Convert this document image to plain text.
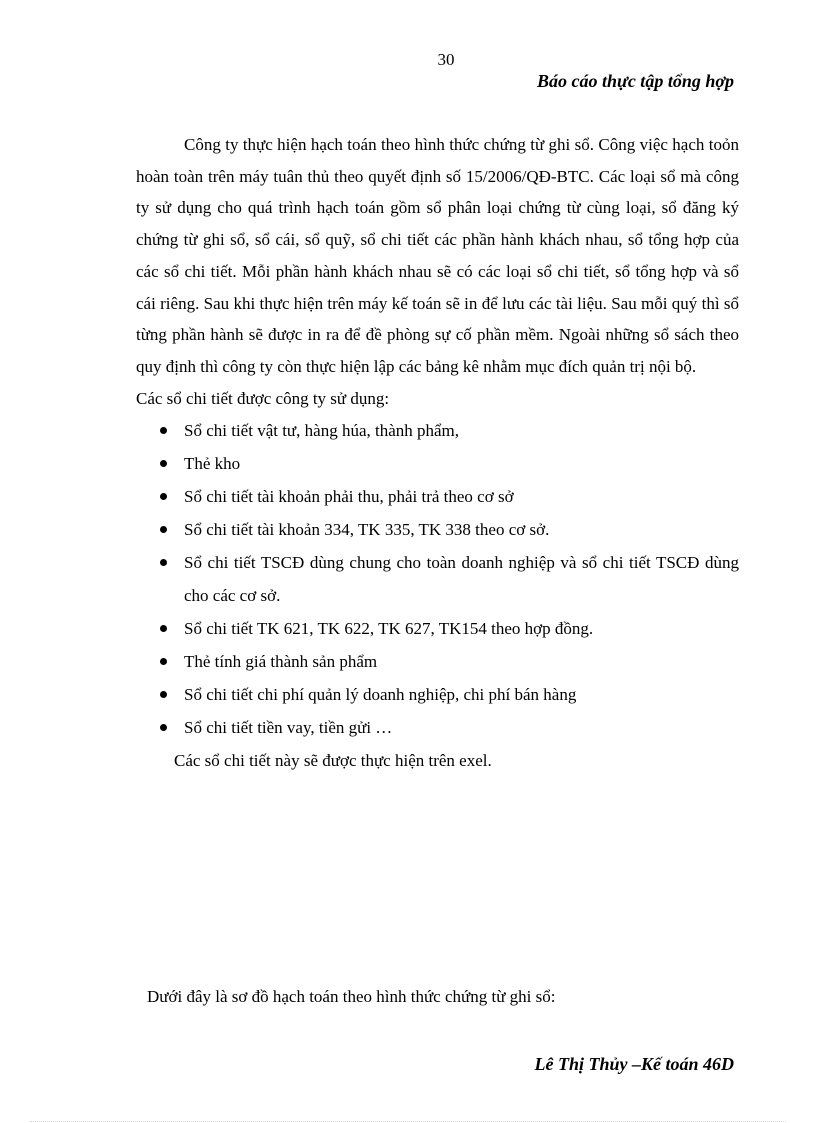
30
Báo cáo thực tập tổng hợp

Công ty thực hiện hạch toán theo hình thức chứng từ ghi sổ. Công việc hạch toỏn hoàn toàn trên máy tuân thủ theo quyết định số 15/2006/QĐ-BTC. Các loại sổ mà công ty sử dụng cho quá trình hạch toán gồm sổ phân loại chứng từ cùng loại, sổ đăng ký chứng từ ghi sổ, sổ cái, sổ quỹ, sổ chi tiết các phần hành khách nhau, sổ tổng hợp của các sổ chi tiết. Mỗi phần hành khách nhau sẽ có các loại sổ chi tiết, sổ tổng hợp và sổ cái riêng. Sau khi thực hiện trên máy kế toán sẽ in để lưu các tài liệu. Sau mỗi quý thì sổ từng phần hành sẽ được in ra để đề phòng sự cố phần mềm. Ngoài những sổ sách theo quy định thì công ty còn thực hiện lập các bảng kê nhằm mục đích quản trị nội bộ.

Các sổ chi tiết được công ty sử dụng:

Sổ chi tiết vật tư, hàng húa, thành phẩm,
Thẻ kho
Sổ chi tiết tài khoản phải thu, phải trả theo cơ sở
Sổ chi tiết tài khoản 334, TK 335, TK 338 theo cơ sở.
Sổ chi tiết TSCĐ dùng chung cho toàn doanh nghiệp và sổ chi tiết TSCĐ dùng cho các cơ sở.
Sổ chi tiết TK 621, TK 622, TK 627, TK154 theo hợp đồng.
Thẻ tính giá thành sản phẩm
Sổ chi tiết chi phí quản lý doanh nghiệp, chi phí bán hàng
Sổ chi tiết tiền vay, tiền gửi …

Các sổ chi tiết này sẽ được thực hiện trên exel.

Dưới đây là sơ đồ hạch toán theo hình thức chứng từ ghi sổ:
Lê Thị Thủy –Kế toán 46D
